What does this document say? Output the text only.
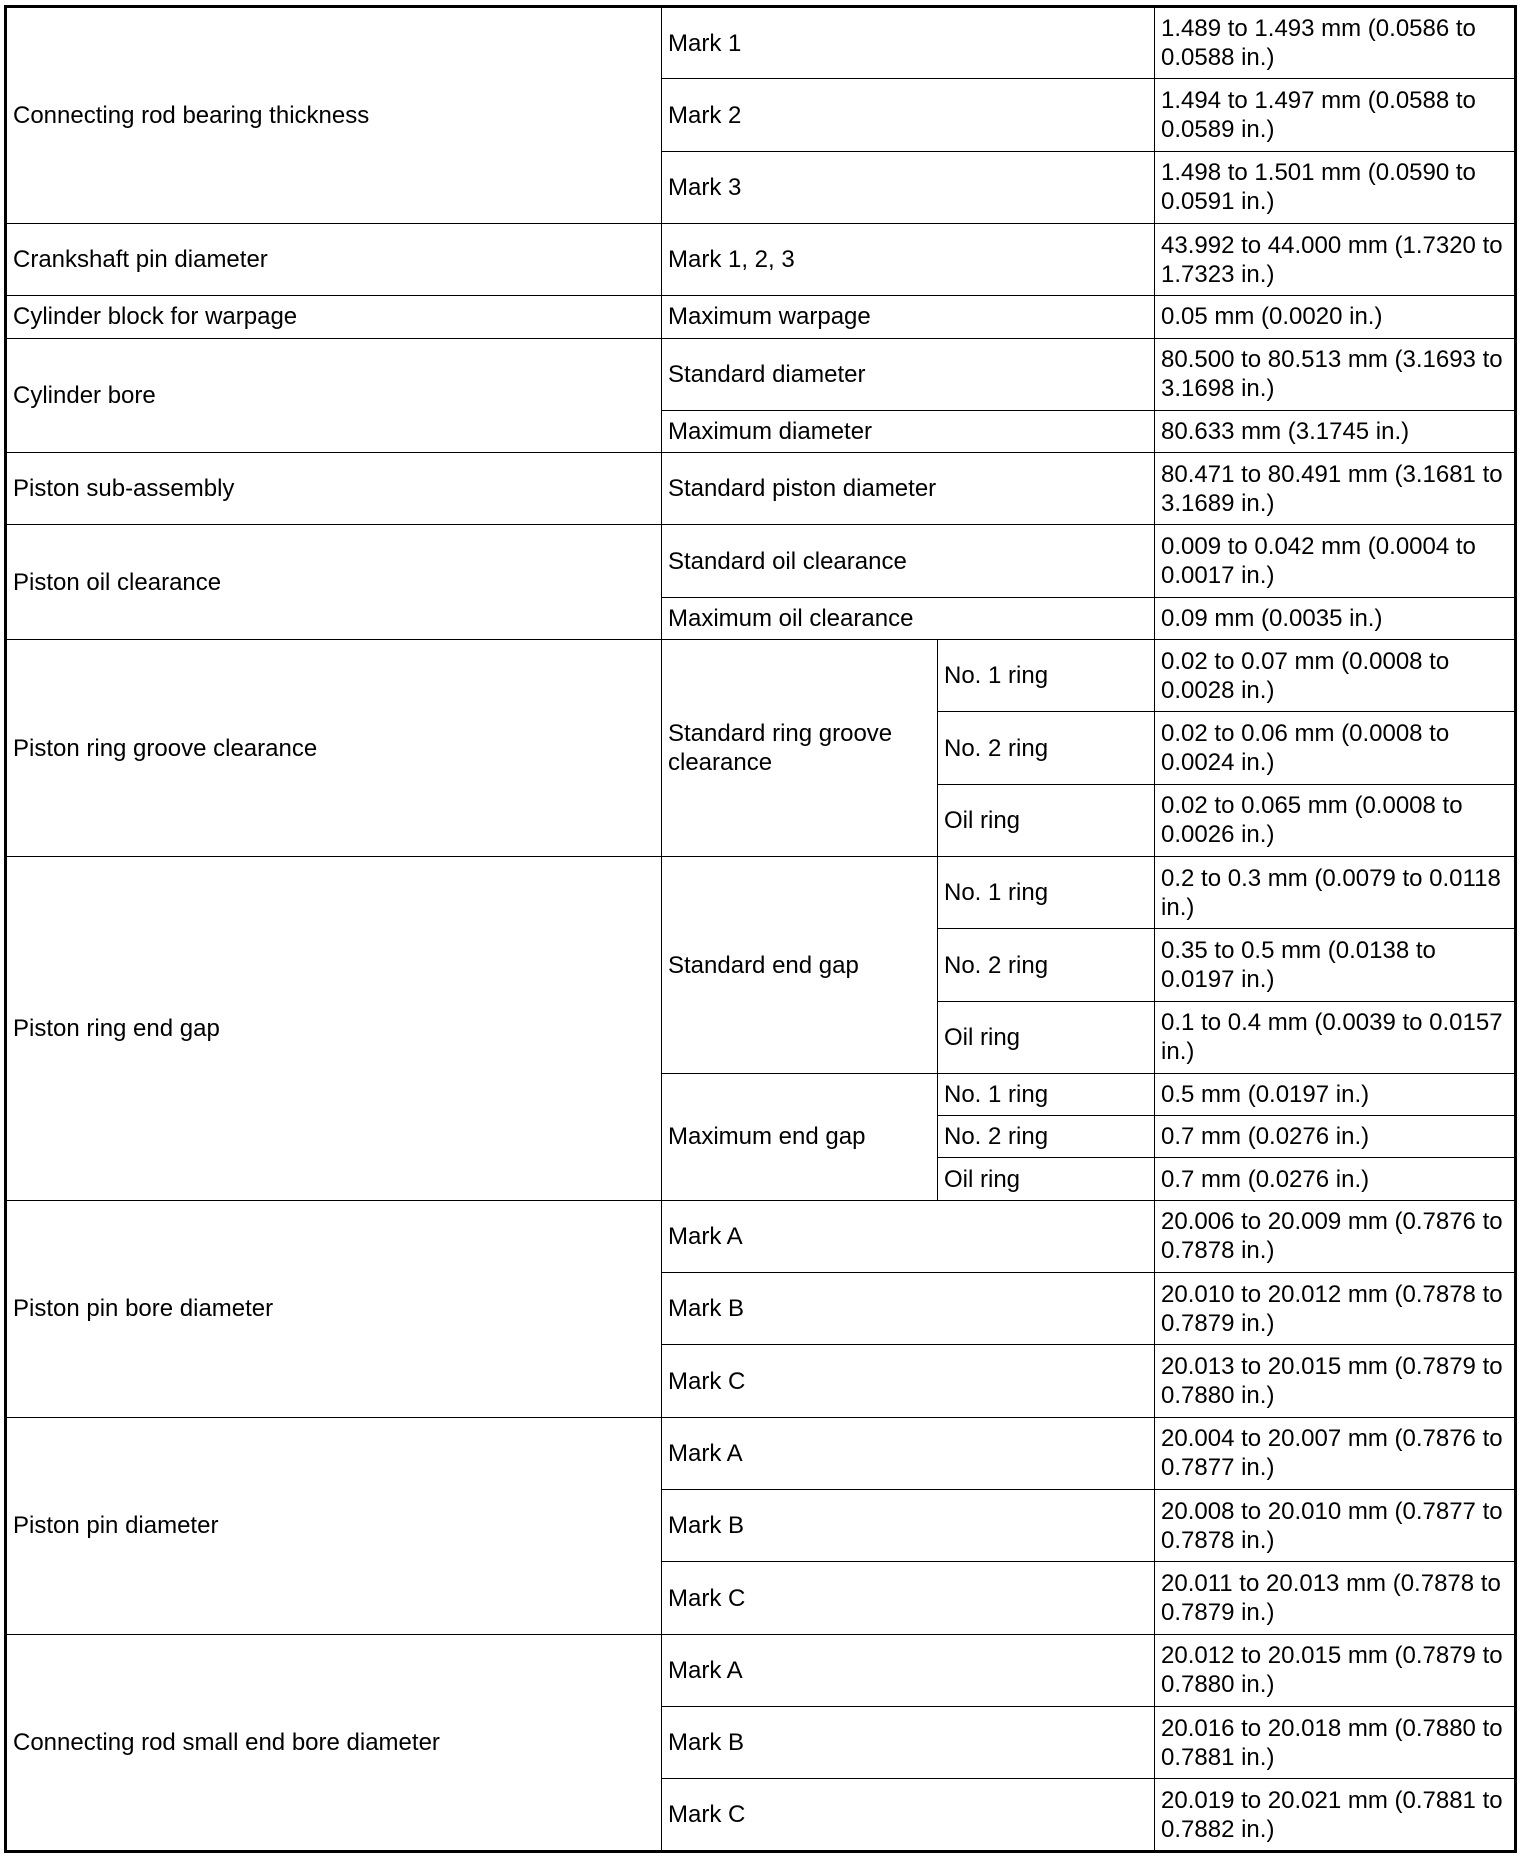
Connecting rod bearing thickness	Mark 1		1.489 to 1.493 mm (0.0586 to 0.0588 in.)
	Mark 2		1.494 to 1.497 mm (0.0588 to 0.0589 in.)
	Mark 3		1.498 to 1.501 mm (0.0590 to 0.0591 in.)
Crankshaft pin diameter	Mark 1, 2, 3		43.992 to 44.000 mm (1.7320 to 1.7323 in.)
Cylinder block for warpage	Maximum warpage		0.05 mm (0.0020 in.)
Cylinder bore	Standard diameter		80.500 to 80.513 mm (3.1693 to 3.1698 in.)
	Maximum diameter		80.633 mm (3.1745 in.)
Piston sub-assembly	Standard piston diameter		80.471 to 80.491 mm (3.1681 to 3.1689 in.)
Piston oil clearance	Standard oil clearance		0.009 to 0.042 mm (0.0004 to 0.0017 in.)
	Maximum oil clearance		0.09 mm (0.0035 in.)
Piston ring groove clearance	Standard ring groove clearance	No. 1 ring	0.02 to 0.07 mm (0.0008 to 0.0028 in.)
		No. 2 ring	0.02 to 0.06 mm (0.0008 to 0.0024 in.)
		Oil ring	0.02 to 0.065 mm (0.0008 to 0.0026 in.)
Piston ring end gap	Standard end gap	No. 1 ring	0.2 to 0.3 mm (0.0079 to 0.0118 in.)
		No. 2 ring	0.35 to 0.5 mm (0.0138 to 0.0197 in.)
		Oil ring	0.1 to 0.4 mm (0.0039 to 0.0157 in.)
	Maximum end gap	No. 1 ring	0.5 mm (0.0197 in.)
		No. 2 ring	0.7 mm (0.0276 in.)
		Oil ring	0.7 mm (0.0276 in.)
Piston pin bore diameter	Mark A		20.006 to 20.009 mm (0.7876 to 0.7878 in.)
	Mark B		20.010 to 20.012 mm (0.7878 to 0.7879 in.)
	Mark C		20.013 to 20.015 mm (0.7879 to 0.7880 in.)
Piston pin diameter	Mark A		20.004 to 20.007 mm (0.7876 to 0.7877 in.)
	Mark B		20.008 to 20.010 mm (0.7877 to 0.7878 in.)
	Mark C		20.011 to 20.013 mm (0.7878 to 0.7879 in.)
Connecting rod small end bore diameter	Mark A		20.012 to 20.015 mm (0.7879 to 0.7880 in.)
	Mark B		20.016 to 20.018 mm (0.7880 to 0.7881 in.)
	Mark C		20.019 to 20.021 mm (0.7881 to 0.7882 in.)
